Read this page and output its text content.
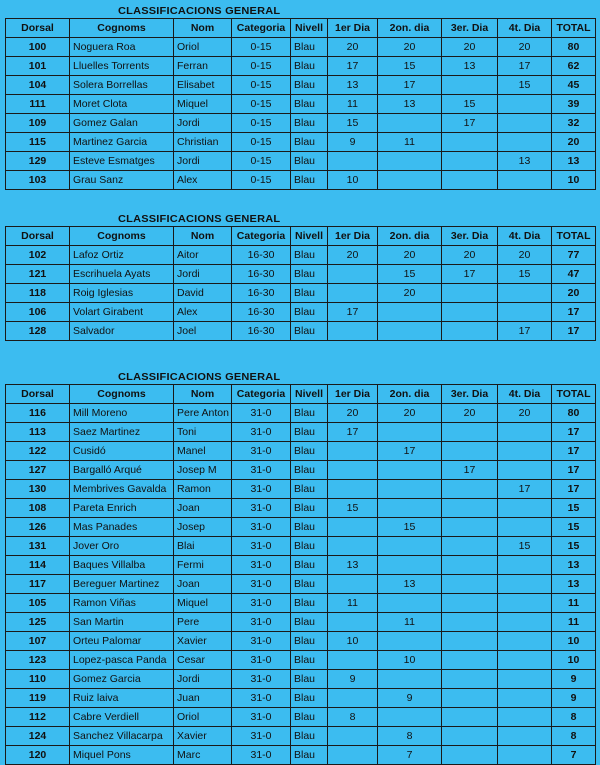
CLASSIFICACIONS GENERAL
Dorsal	Cognoms	Nom	Categoria	Nivell	1er Dia	2on. dia	3er. Dia	4t. Dia	TOTAL
100	Noguera Roa	Oriol	0-15	Blau	20	20	20	20	80
101	Lluelles Torrents	Ferran	0-15	Blau	17	15	13	17	62
104	Solera Borrellas	Elisabet	0-15	Blau	13	17		15	45
111	Moret Clota	Miquel	0-15	Blau	11	13	15		39
109	Gomez Galan	Jordi	0-15	Blau	15		17		32
115	Martinez Garcia	Christian	0-15	Blau	9	11			20
129	Esteve Esmatges	Jordi	0-15	Blau				13	13
103	Grau Sanz	Alex	0-15	Blau	10				10
CLASSIFICACIONS GENERAL
Dorsal	Cognoms	Nom	Categoria	Nivell	1er Dia	2on. dia	3er. Dia	4t. Dia	TOTAL
102	Lafoz Ortiz	Aitor	16-30	Blau	20	20	20	20	77
121	Escrihuela Ayats	Jordi	16-30	Blau		15	17	15	47
118	Roig Iglesias	David	16-30	Blau		20			20
106	Volart Girabent	Alex	16-30	Blau	17				17
128	Salvador	Joel	16-30	Blau				17	17
CLASSIFICACIONS GENERAL
Dorsal	Cognoms	Nom	Categoria	Nivell	1er Dia	2on. dia	3er. Dia	4t. Dia	TOTAL
116	Mill Moreno	Pere Anton	31-0	Blau	20	20	20	20	80
113	Saez Martinez	Toni	31-0	Blau	17				17
122	Cusidó	Manel	31-0	Blau		17			17
127	Bargalló Arqué	Josep M	31-0	Blau			17		17
130	Membrives Gavalda	Ramon	31-0	Blau				17	17
108	Pareta Enrich	Joan	31-0	Blau	15				15
126	Mas Panades	Josep	31-0	Blau		15			15
131	Jover Oro	Blai	31-0	Blau				15	15
114	Baques Villalba	Fermi	31-0	Blau	13				13
117	Bereguer Martinez	Joan	31-0	Blau		13			13
105	Ramon Viñas	Miquel	31-0	Blau	11				11
125	San Martin	Pere	31-0	Blau		11			11
107	Orteu Palomar	Xavier	31-0	Blau	10				10
123	Lopez-pasca Panda	Cesar	31-0	Blau		10			10
110	Gomez Garcia	Jordi	31-0	Blau	9				9
119	Ruiz laiva	Juan	31-0	Blau		9			9
112	Cabre Verdiell	Oriol	31-0	Blau	8				8
124	Sanchez Villacarpa	Xavier	31-0	Blau		8			8
120	Miquel Pons	Marc	31-0	Blau		7			7
